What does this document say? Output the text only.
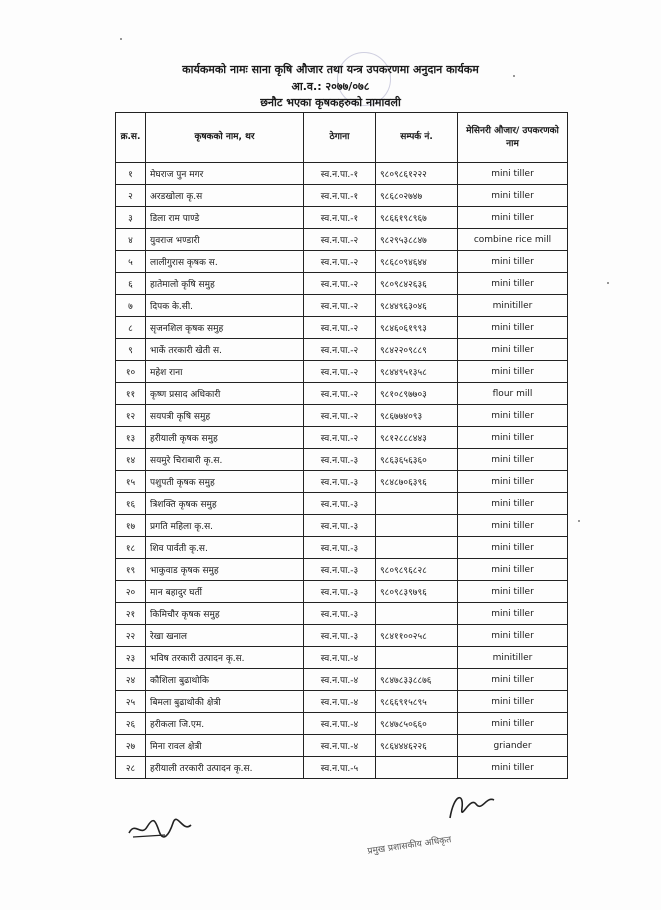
कार्यकमको नामः साना कृषि औजार तथा यन्त्र उपकरणमा अनुदान कार्यकम
आ.व.: २०७७/०७८
छनौट भएका कृषकहरुको नामावली
क्र.स.	कृषकको नाम, थर	ठेगाना	सम्पर्क नं.	मेसिनरी औजार/ उपकरणको नाम
१	मेघराज पुन मगर	स्व.न.पा.-१	९८०९८६१२२२	mini tiller
२	अरडखोला कृ.स	स्व.न.पा.-१	९८६८०२७४७	mini tiller
३	डिला राम पाण्डे	स्व.न.पा.-१	९८६६१९८९६७	mini tiller
४	युवराज भण्डारी	स्व.न.पा.-२	९८२९५३८८४७	combine rice mill
५	लालीगुरास कृषक स.	स्व.न.पा.-२	९८६८०९४६४४	mini tiller
६	हातेमालो कृषि समुह	स्व.न.पा.-२	९८०९८४२६३६	mini tiller
७	दिपक के.सी.	स्व.न.पा.-२	९८४४९६३०४६	minitiller
८	सृजनशिल कृषक समुह	स्व.न.पा.-२	९८४६०६१९९३	mini tiller
९	भार्के तरकारी खेती स.	स्व.न.पा.-२	९८४२२०९८८९	mini tiller
१०	महेश राना	स्व.न.पा.-२	९८४४९५१३५८	mini tiller
११	कृष्ण प्रसाद अधिकारी	स्व.न.पा.-२	९८१०८९७७०३	flour mill
१२	सयपत्री कृषि समुह	स्व.न.पा.-२	९८६७७४०९३	mini tiller
१३	हरीयाली कृषक समुह	स्व.न.पा.-२	९८१२८८८४४३	mini tiller
१४	सयमुरे चिराबारी कृ.स.	स्व.न.पा.-३	९८६३६५६३६०	mini tiller
१५	पशुपती कृषक समुह	स्व.न.पा.-३	९८४८७०६३९६	mini tiller
१६	त्रिशक्ति कृषक समुह	स्व.न.पा.-३		mini tiller
१७	प्रगति महिला कृ.स.	स्व.न.पा.-३		mini tiller
१८	शिव पार्वती कृ.स.	स्व.न.पा.-३		mini tiller
१९	भाकुवाड कृषक समुह	स्व.न.पा.-३	९८०९८९६८२८	mini tiller
२०	मान बहादुर घर्ती	स्व.न.पा.-३	९८०९८३९७९६	mini tiller
२१	किमिचौर कृषक समुह	स्व.न.पा.-३		mini tiller
२२	रेखा खनाल	स्व.न.पा.-३	९८४११००२५८	mini tiller
२३	भविष तरकारी उत्पादन कृ.स.	स्व.न.पा.-४		minitiller
२४	कौशिला बुढाथोकि	स्व.न.पा.-४	९८४७८३३८८७६	mini tiller
२५	बिमला बुढाथोकी क्षेत्री	स्व.न.पा.-४	९८६६९१५८९५	mini tiller
२६	हरीकला जि.एम.	स्व.न.पा.-४	९८४७८५०६६०	mini tiller
२७	मिना रावल क्षेत्री	स्व.न.पा.-४	९८६४४४६२२६	griander
२८	हरीयाली तरकारी उत्पादन कृ.स.	स्व.न.पा.-५		mini tiller
प्रमुख प्रशासकीय अधिकृत
